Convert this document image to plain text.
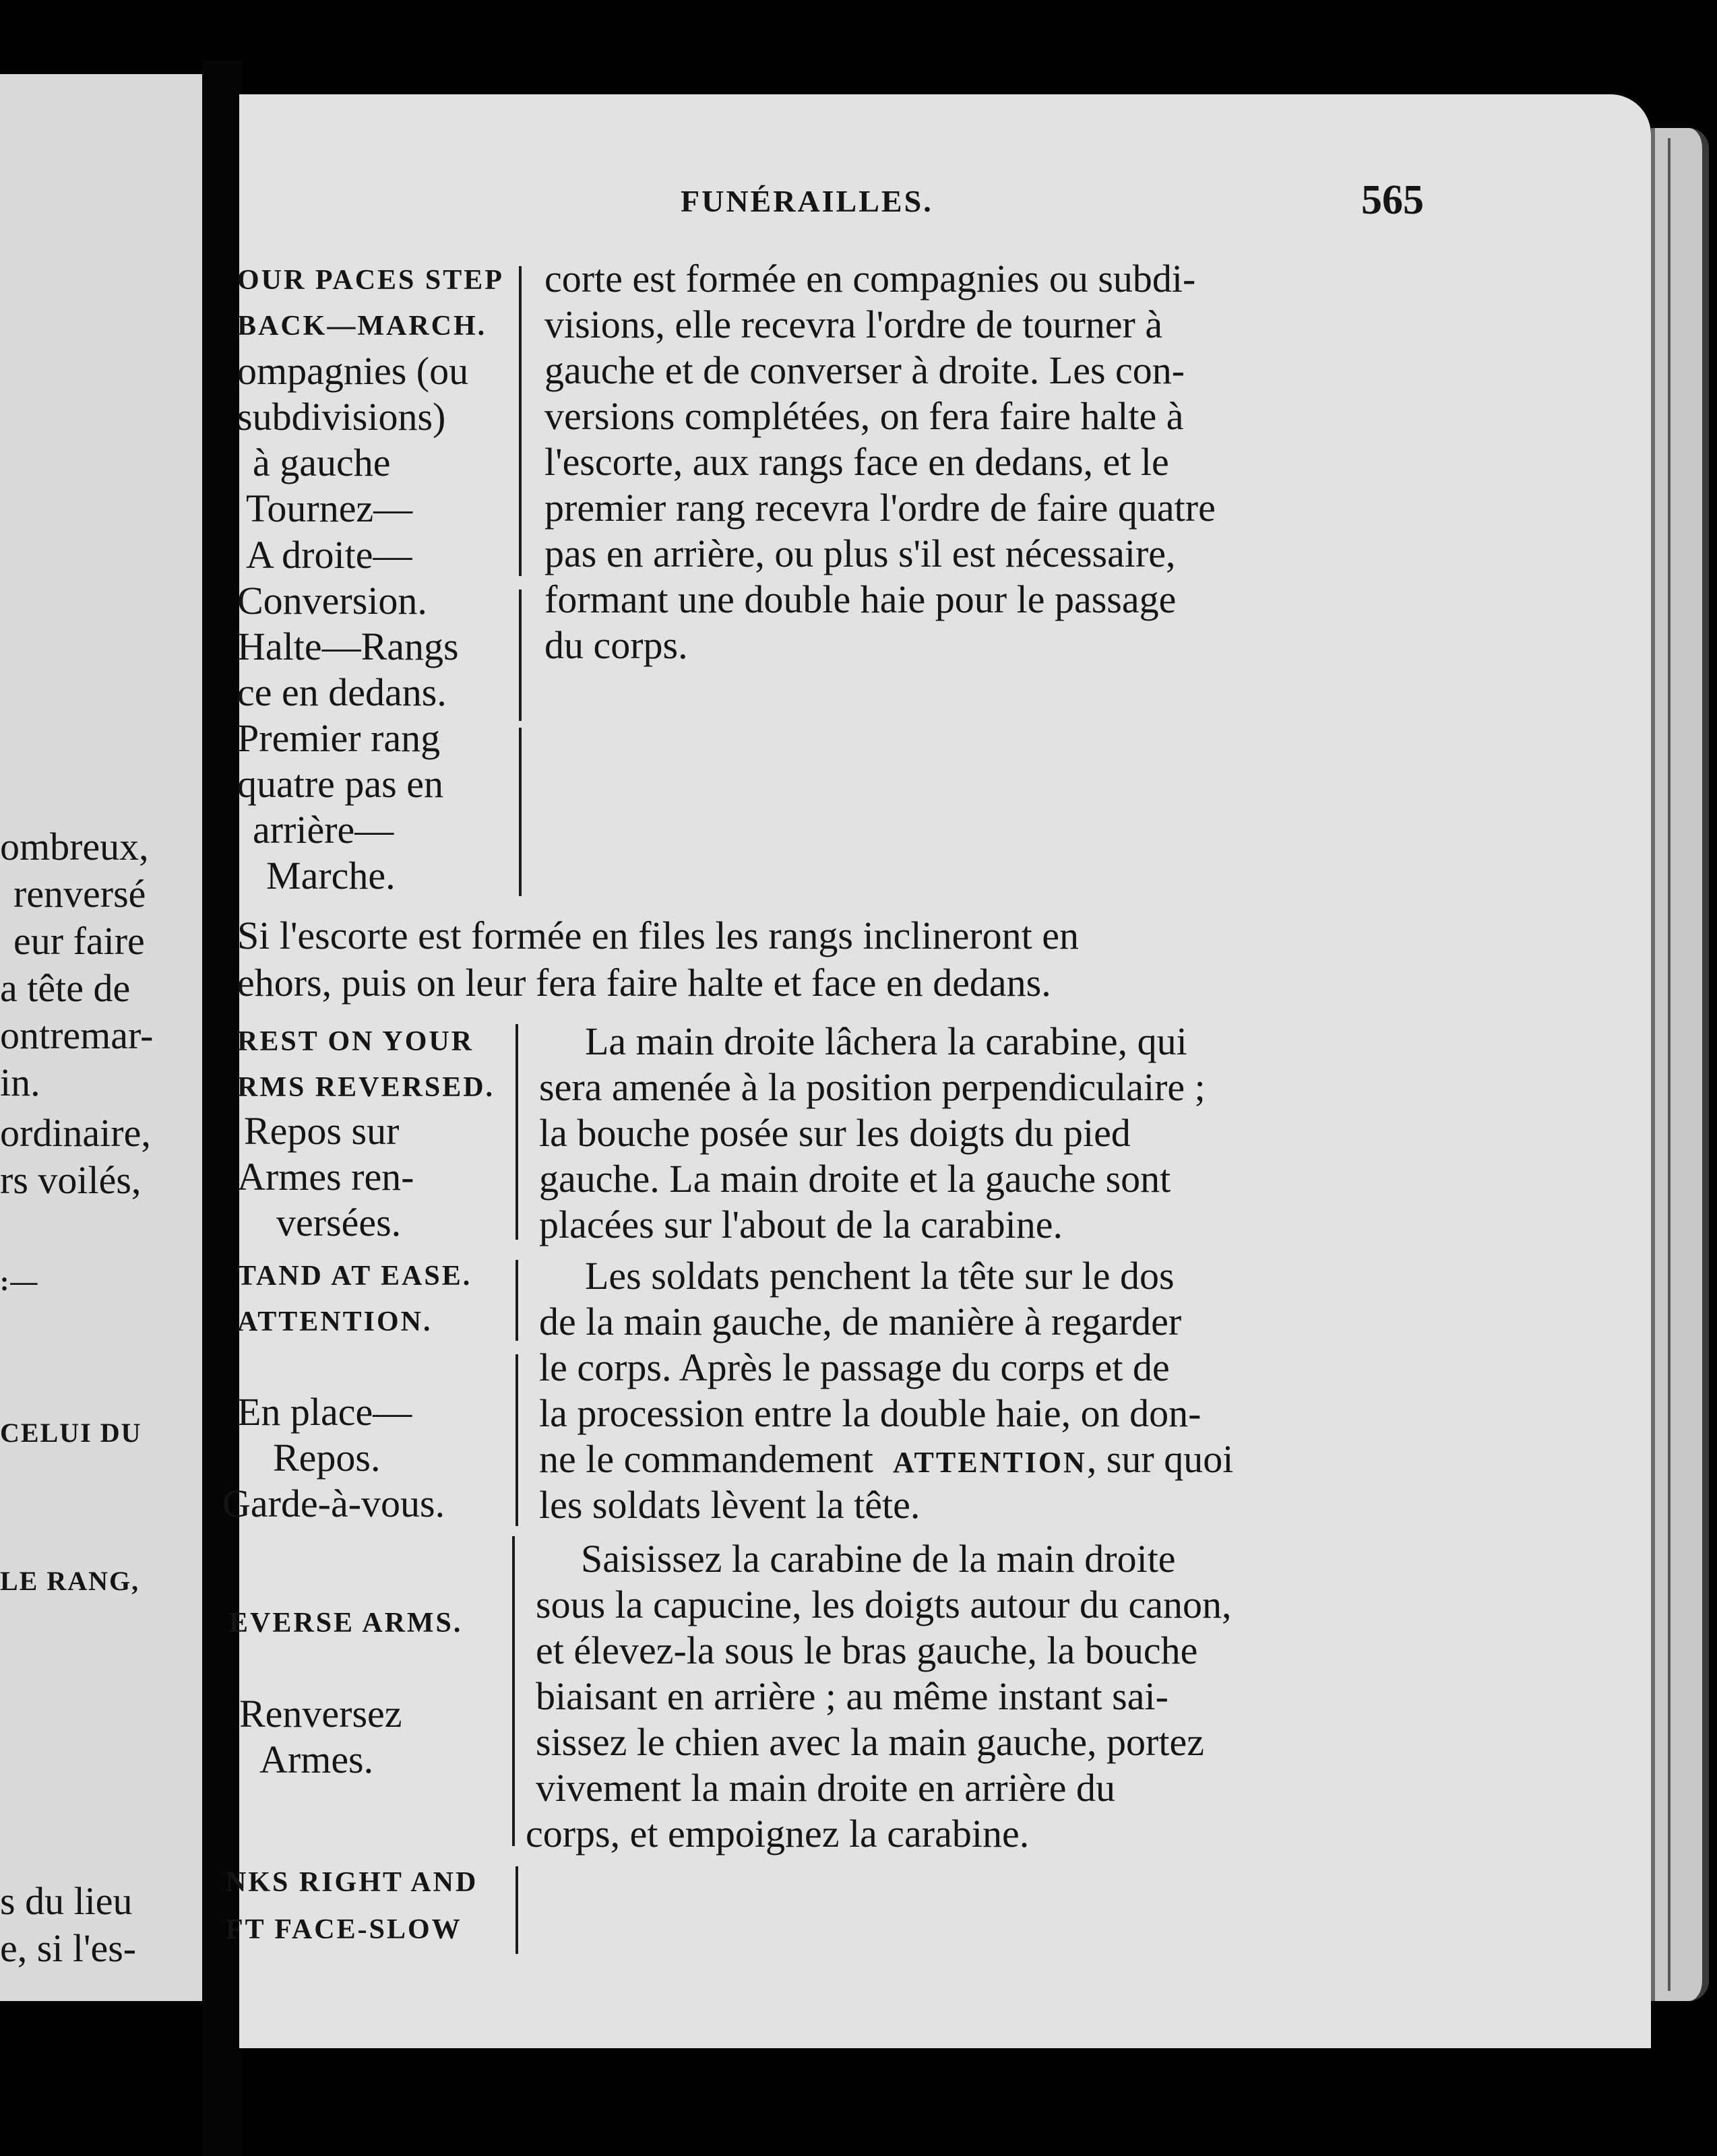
ombreux,
renversé
eur faire
a tête de
ontremar-
in.
ordinaire,
rs voilés,
:—
CELUI DU
LE RANG,
s du lieu
e, si l'es-
FUNÉRAILLES.	565
OUR PACES STEP
BACK—MARCH.
ompagnies (ou
subdivisions)
à gauche
Tournez—
A droite—
Conversion.
Halte—Rangs
ce en dedans.
Premier rang
quatre pas en
arrière—
Marche.
corte est formée en compagnies ou subdi-
visions, elle recevra l'ordre de tourner à
gauche et de converser à droite. Les con-
versions complétées, on fera faire halte à
l'escorte, aux rangs face en dedans, et le
premier rang recevra l'ordre de faire quatre
pas en arrière, ou plus s'il est nécessaire,
formant une double haie pour le passage
du corps.
Si l'escorte est formée en files les rangs inclineront en
ehors, puis on leur fera faire halte et face en dedans.
REST ON YOUR
RMS REVERSED.
Repos sur
Armes ren-
versées.
La main droite lâchera la carabine, qui
sera amenée à la position perpendiculaire ;
la bouche posée sur les doigts du pied
gauche. La main droite et la gauche sont
placées sur l'about de la carabine.
TAND AT EASE.
ATTENTION.
En place—
Repos.
Garde-à-vous.
Les soldats penchent la tête sur le dos
de la main gauche, de manière à regarder
le corps. Après le passage du corps et de
la procession entre la double haie, on don-
ne le commandement ATTENTION, sur quoi
les soldats lèvent la tête.
EVERSE ARMS.
Renversez
Armes.
Saisissez la carabine de la main droite
sous la capucine, les doigts autour du canon,
et élevez-la sous le bras gauche, la bouche
biaisant en arrière ; au même instant sai-
sissez le chien avec la main gauche, portez
vivement la main droite en arrière du
corps, et empoignez la carabine.
NKS RIGHT AND
FT FACE-SLOW
